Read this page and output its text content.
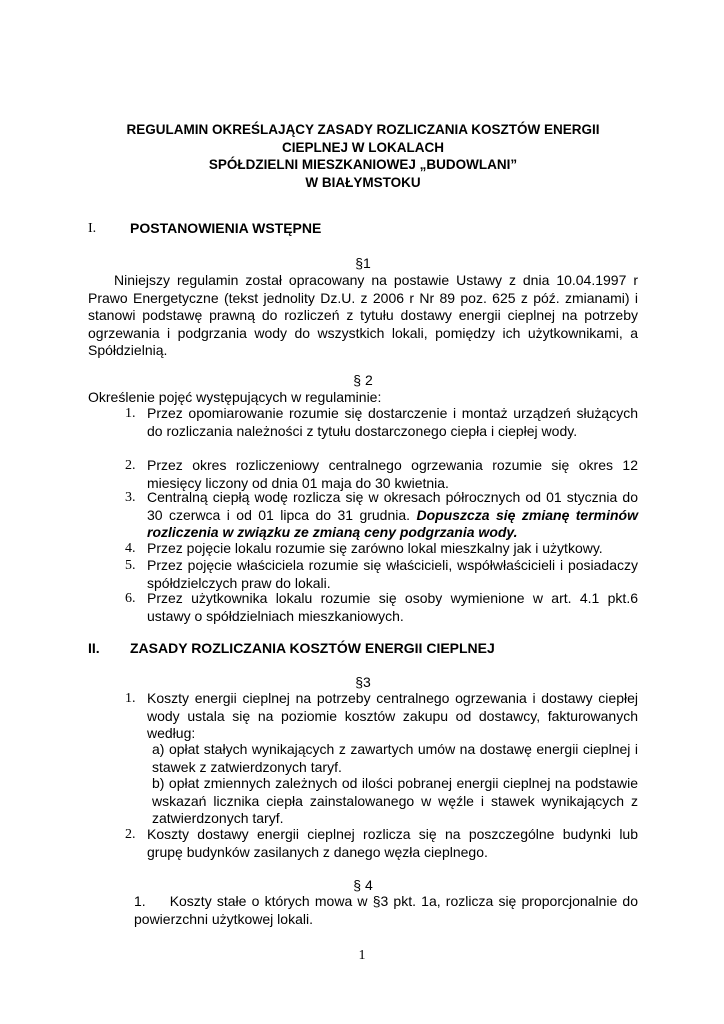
REGULAMIN OKREŚLAJĄCY ZASADY ROZLICZANIA KOSZTÓW ENERGII
CIEPLNEJ W LOKALACH
SPÓŁDZIELNI MIESZKANIOWEJ „BUDOWLANI”
W BIAŁYMSTOKU
I. POSTANOWIENIA WSTĘPNE
§1
Niniejszy regulamin został opracowany na postawie Ustawy z dnia 10.04.1997 r Prawo Energetyczne (tekst jednolity Dz.U. z 2006 r Nr 89 poz. 625 z póź. zmianami) i stanowi podstawę prawną do rozliczeń z tytułu dostawy energii cieplnej na potrzeby ogrzewania i podgrzania wody do wszystkich lokali, pomiędzy ich użytkownikami, a Spółdzielnią.
§ 2
Określenie pojęć występujących w regulaminie:
1. Przez opomiarowanie rozumie się dostarczenie i montaż urządzeń służących do rozliczania należności z tytułu dostarczonego ciepła i ciepłej wody.
2. Przez okres rozliczeniowy centralnego ogrzewania rozumie się okres 12 miesięcy liczony od dnia 01 maja do 30 kwietnia.
3. Centralną ciepłą wodę rozlicza się w okresach półrocznych od 01 stycznia do 30 czerwca i od 01 lipca do 31 grudnia. Dopuszcza się zmianę terminów rozliczenia w związku ze zmianą ceny podgrzania wody.
4. Przez pojęcie lokalu rozumie się zarówno lokal mieszkalny jak i użytkowy.
5. Przez pojęcie właściciela rozumie się właścicieli, współwłaścicieli i posiadaczy spółdzielczych praw do lokali.
6. Przez użytkownika lokalu rozumie się osoby wymienione w art. 4.1 pkt.6 ustawy o spółdzielniach mieszkaniowych.
II. ZASADY ROZLICZANIA KOSZTÓW ENERGII CIEPLNEJ
§3
1. Koszty energii cieplnej na potrzeby centralnego ogrzewania i dostawy ciepłej wody ustala się na poziomie kosztów zakupu od dostawcy, fakturowanych według:
a) opłat stałych wynikających z zawartych umów na dostawę energii cieplnej i stawek z zatwierdzonych taryf.
b) opłat zmiennych zależnych od ilości pobranej energii cieplnej na podstawie wskazań licznika ciepła zainstalowanego w węźle i stawek wynikających z zatwierdzonych taryf.
2. Koszty dostawy energii cieplnej rozlicza się na poszczególne budynki lub grupę budynków zasilanych z danego węzła cieplnego.
§ 4
1. Koszty stałe o których mowa w §3 pkt. 1a, rozlicza się proporcjonalnie do powierzchni użytkowej lokali.
1
